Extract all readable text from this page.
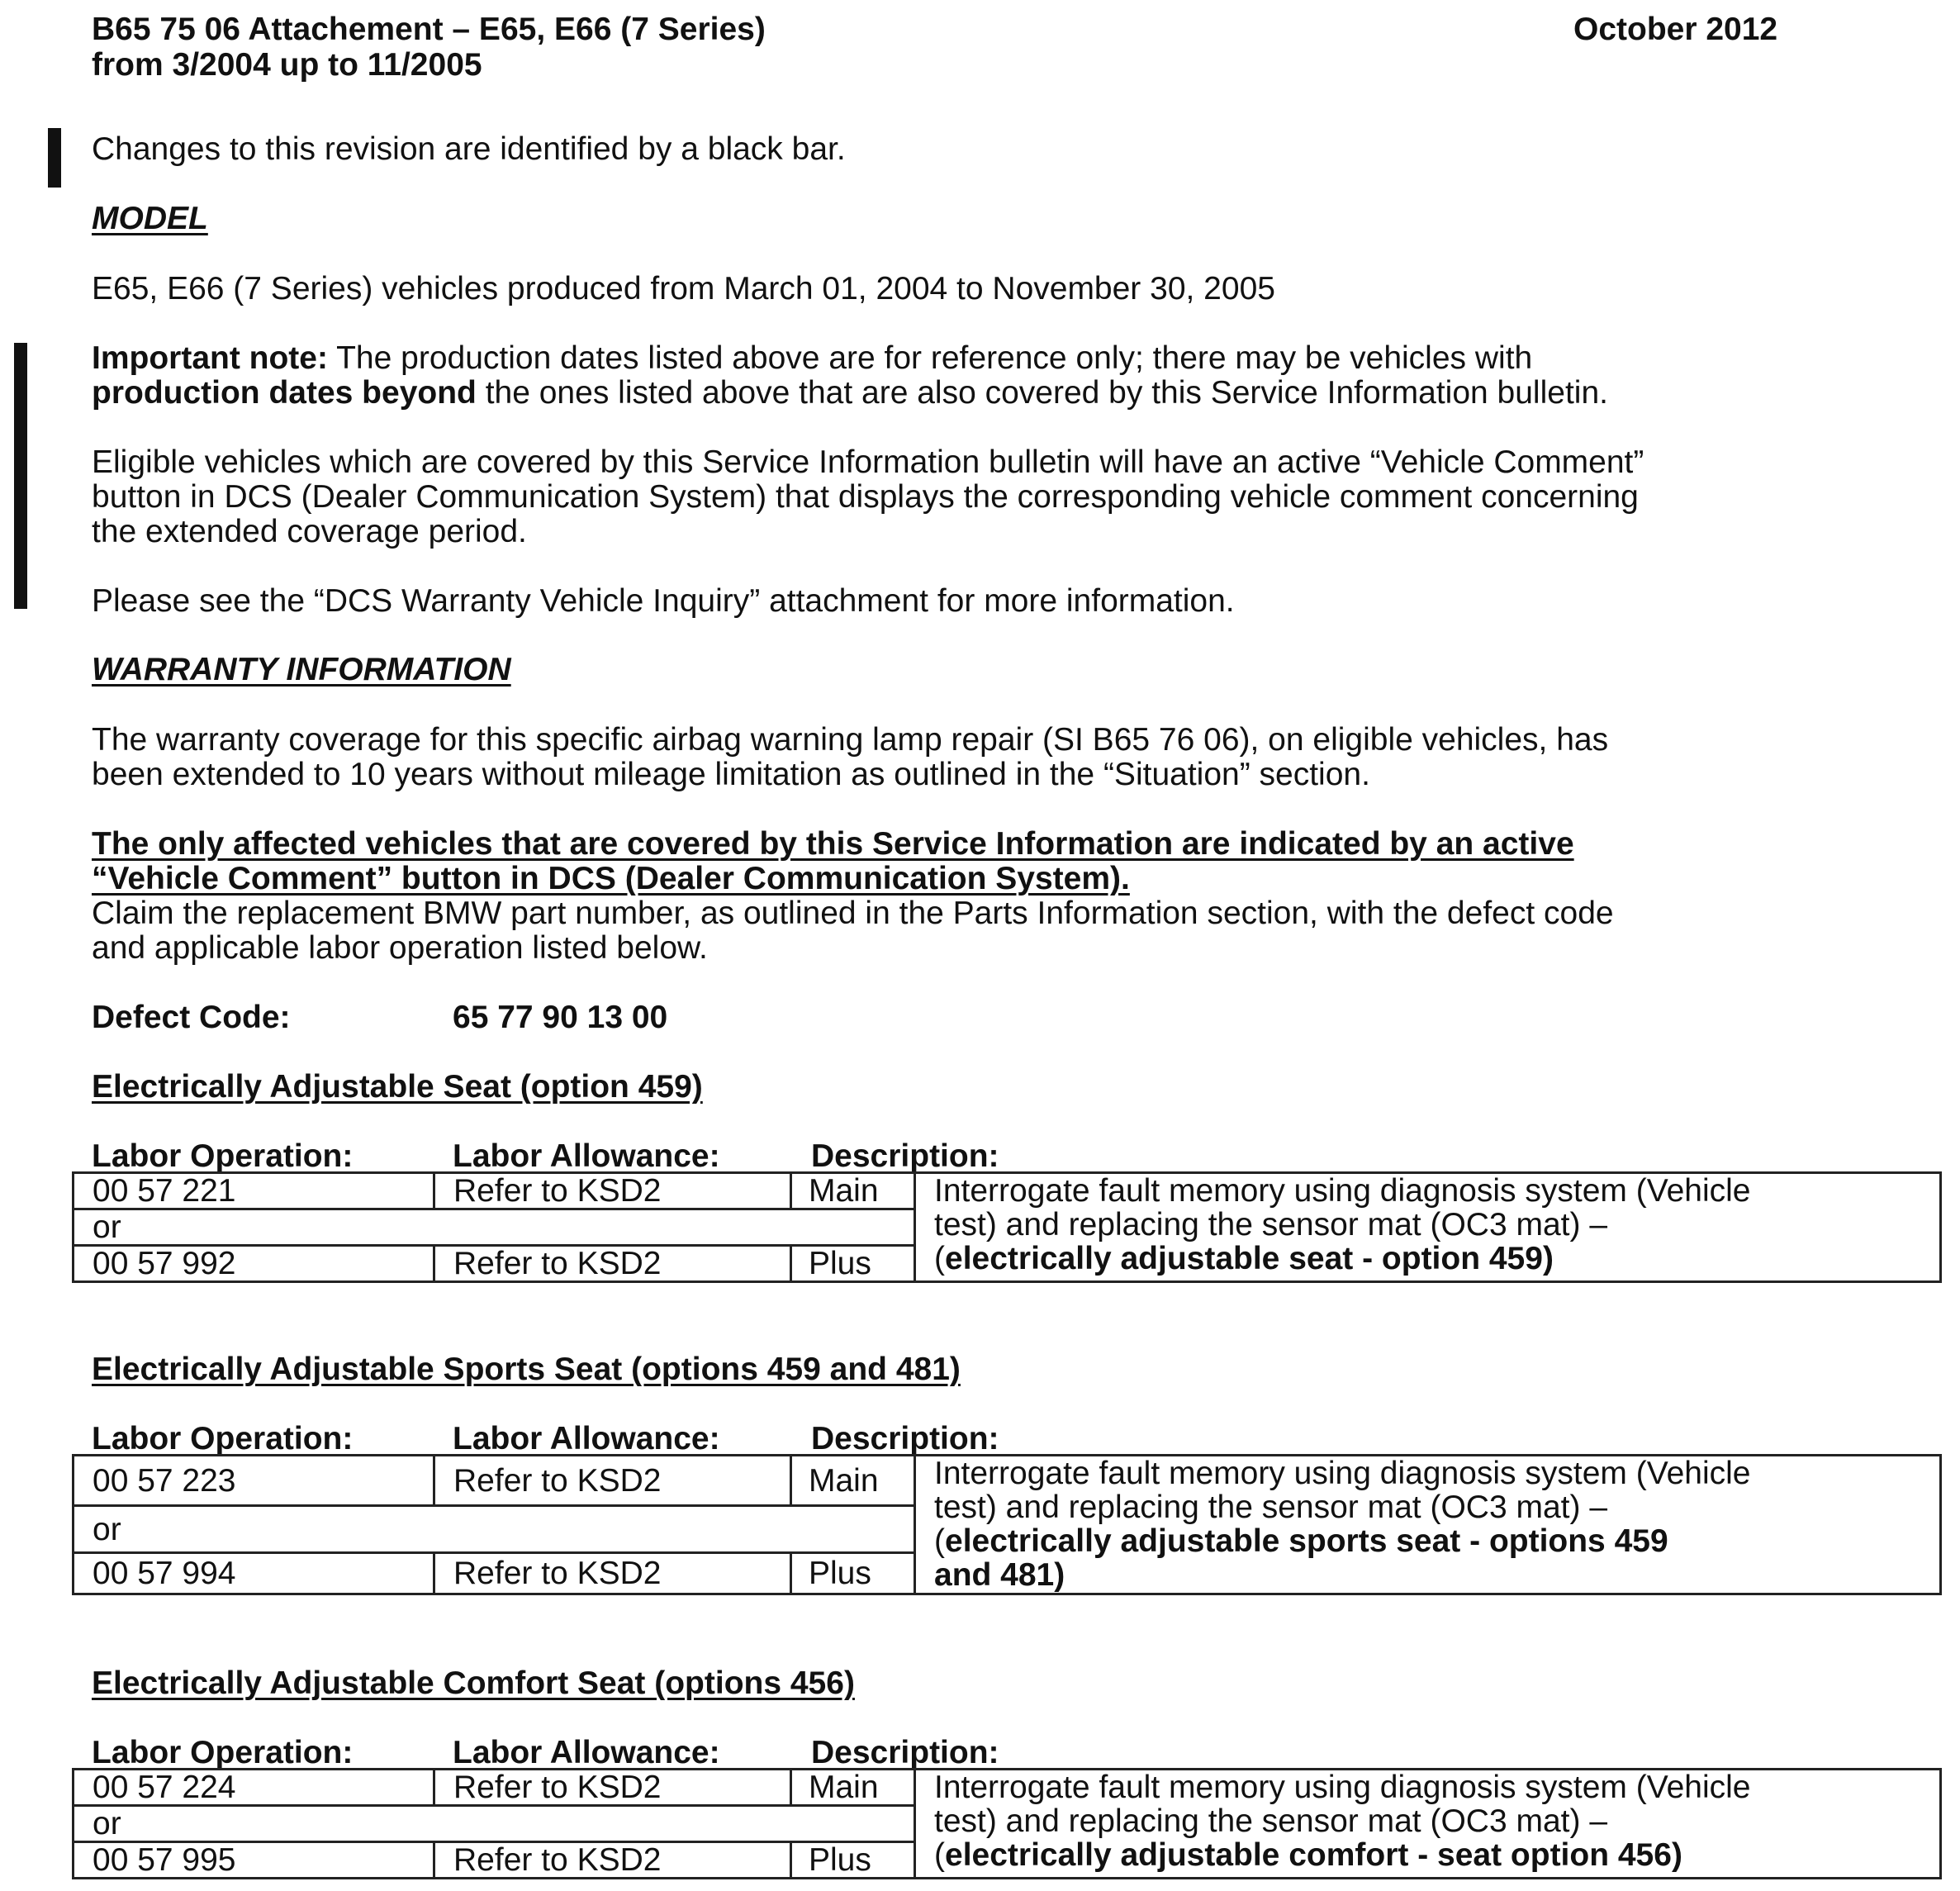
B65 75 06 Attachement – E65, E66 (7 Series)
from 3/2004 up to 11/2005
October 2012
Changes to this revision are identified by a black bar.
MODEL
E65, E66 (7 Series) vehicles produced from March 01, 2004 to November 30, 2005
Important note: The production dates listed above are for reference only; there may be vehicles with
production dates beyond the ones listed above that are also covered by this Service Information bulletin.
Eligible vehicles which are covered by this Service Information bulletin will have an active “Vehicle Comment”
button in DCS (Dealer Communication System) that displays the corresponding vehicle comment concerning
the extended coverage period.
Please see the “DCS Warranty Vehicle Inquiry” attachment for more information.
WARRANTY INFORMATION
The warranty coverage for this specific airbag warning lamp repair (SI B65 76 06), on eligible vehicles, has
been extended to 10 years without mileage limitation as outlined in the “Situation” section.
The only affected vehicles that are covered by this Service Information are indicated by an active
“Vehicle Comment” button in DCS (Dealer Communication System).
Claim the replacement BMW part number, as outlined in the Parts Information section, with the defect code
and applicable labor operation listed below.
Defect Code:	65 77 90 13 00
Electrically Adjustable Seat (option 459)
Labor Operation:	Labor Allowance:	Description:
00 57 221	Refer to KSD2	Main	Interrogate fault memory using diagnosis system (Vehicle
test) and replacing the sensor mat (OC3 mat) –
(electrically adjustable seat - option 459)

or			
00 57 992	Refer to KSD2	Plus	
Electrically Adjustable Sports Seat (options 459 and 481)
Labor Operation:	Labor Allowance:	Description:
00 57 223	Refer to KSD2	Main	Interrogate fault memory using diagnosis system (Vehicle
test) and replacing the sensor mat (OC3 mat) –
(electrically adjustable sports seat - options 459
and 481)

or			
00 57 994	Refer to KSD2	Plus	
Electrically Adjustable Comfort Seat (options 456)
Labor Operation:	Labor Allowance:	Description:
00 57 224	Refer to KSD2	Main	Interrogate fault memory using diagnosis system (Vehicle
test) and replacing the sensor mat (OC3 mat) –
(electrically adjustable comfort - seat option 456)

or			
00 57 995	Refer to KSD2	Plus	
